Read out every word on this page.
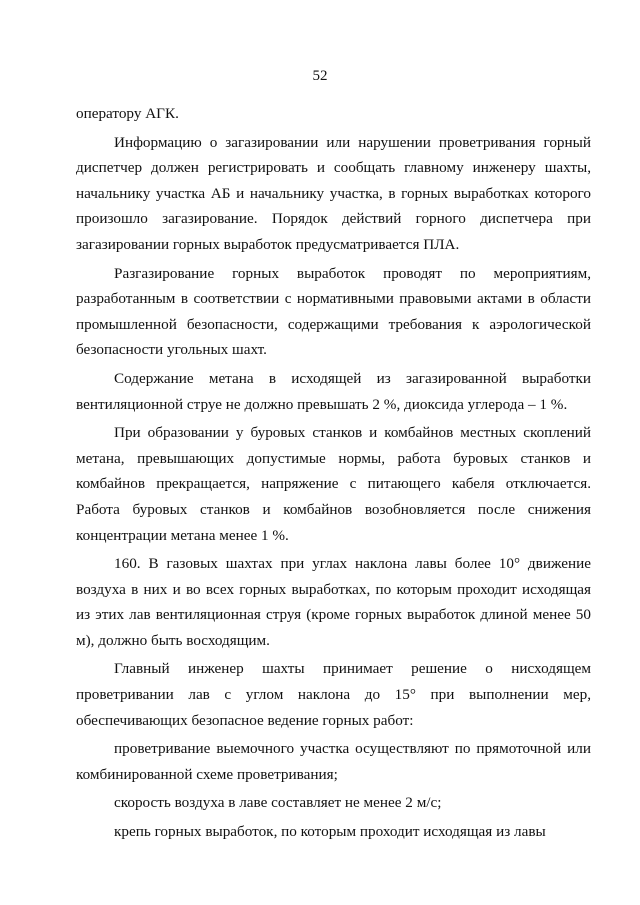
52

оператору АГК.

Информацию о загазировании или нарушении проветривания горный диспетчер должен регистрировать и сообщать главному инженеру шахты, начальнику участка АБ и начальнику участка, в горных выработках которого произошло загазирование. Порядок действий горного диспетчера при загазировании горных выработок предусматривается ПЛА.

Разгазирование горных выработок проводят по мероприятиям, разработанным в соответствии с нормативными правовыми актами в области промышленной безопасности, содержащими требования к аэрологической безопасности угольных шахт.

Содержание метана в исходящей из загазированной выработки вентиляционной струе не должно превышать 2 %, диоксида углерода – 1 %.

При образовании у буровых станков и комбайнов местных скоплений метана, превышающих допустимые нормы, работа буровых станков и комбайнов прекращается, напряжение с питающего кабеля отключается. Работа буровых станков и комбайнов возобновляется после снижения концентрации метана менее 1 %.

160. В газовых шахтах при углах наклона лавы более 10° движение воздуха в них и во всех горных выработках, по которым проходит исходящая из этих лав вентиляционная струя (кроме горных выработок длиной менее 50 м), должно быть восходящим.

Главный инженер шахты принимает решение о нисходящем проветривании лав с углом наклона до 15° при выполнении мер, обеспечивающих безопасное ведение горных работ:

проветривание выемочного участка осуществляют по прямоточной или комбинированной схеме проветривания;

скорость воздуха в лаве составляет не менее 2 м/с;

крепь горных выработок, по которым проходит исходящая из лавы
